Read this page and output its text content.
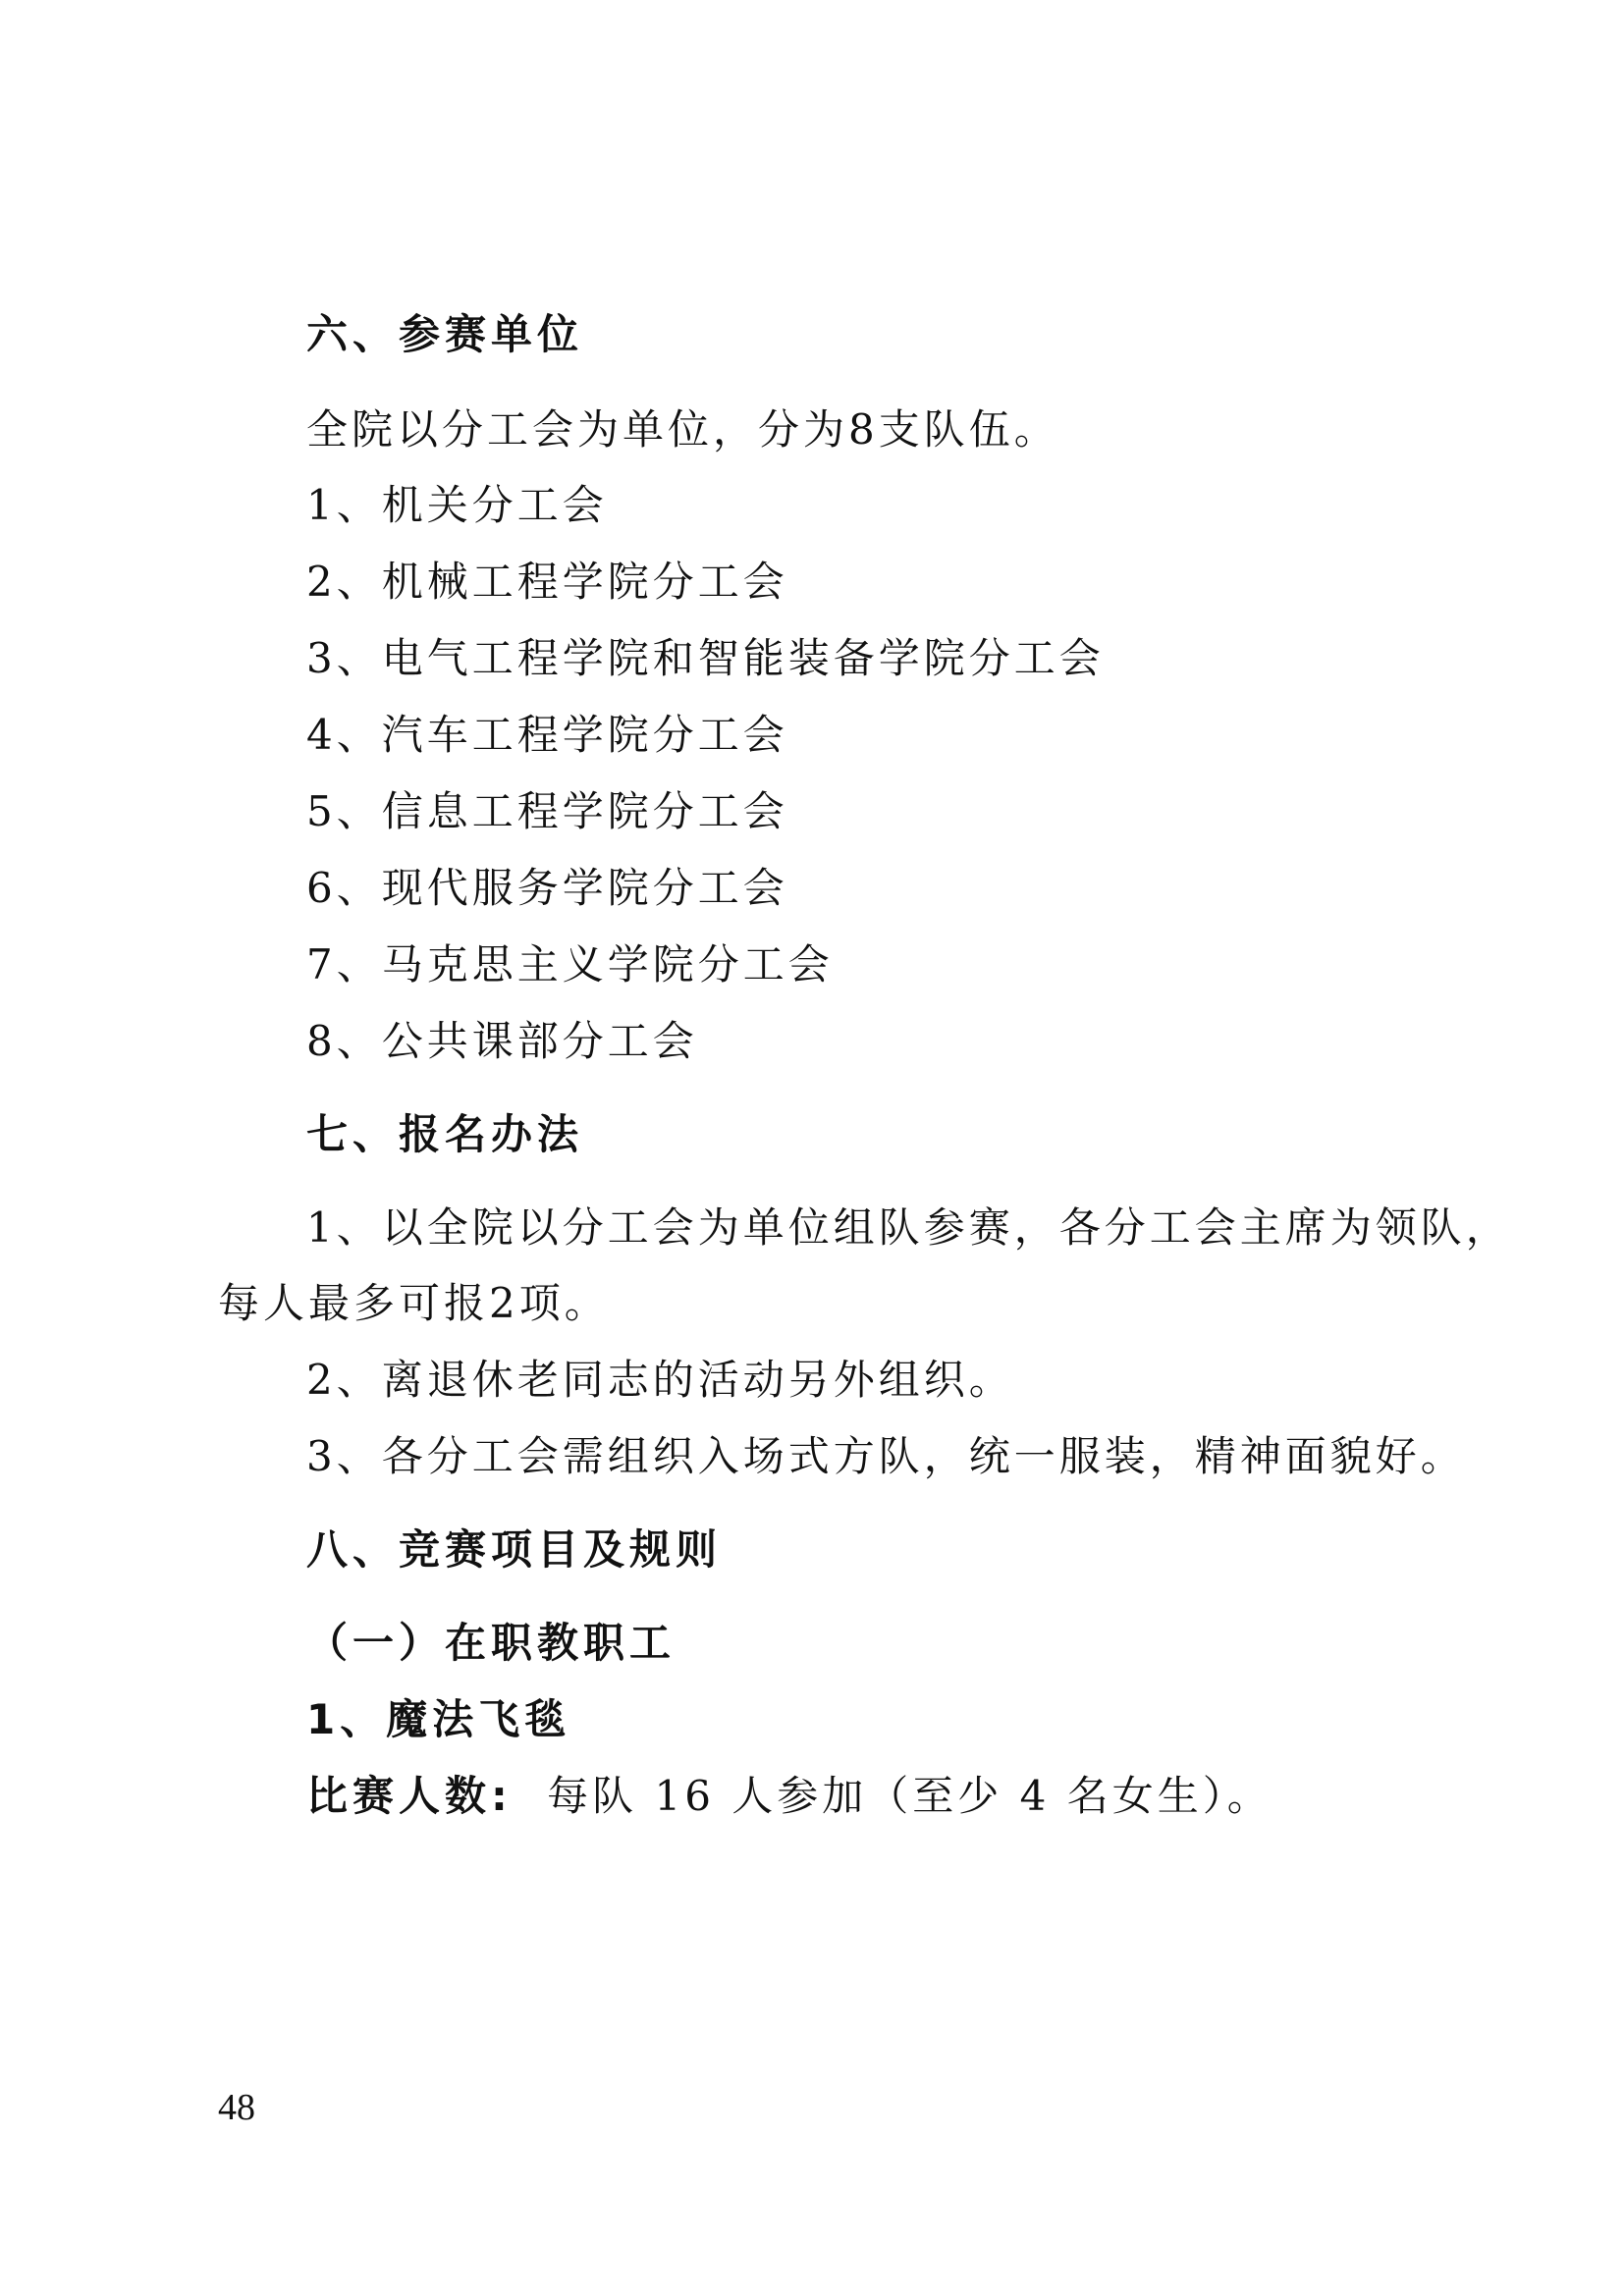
六、参赛单位
全院以分工会为单位，分为8支队伍。
1、机关分工会
2、机械工程学院分工会
3、电气工程学院和智能装备学院分工会
4、汽车工程学院分工会
5、信息工程学院分工会
6、现代服务学院分工会
7、马克思主义学院分工会
8、公共课部分工会
七、报名办法
1、以全院以分工会为单位组队参赛，各分工会主席为领队，
每人最多可报2项。
2、离退休老同志的活动另外组织。
3、各分工会需组织入场式方队，统一服装，精神面貌好。
八、竞赛项目及规则
（一）在职教职工
1、魔法飞毯
比赛人数: 每队 16 人参加（至少 4 名女生）。
48
